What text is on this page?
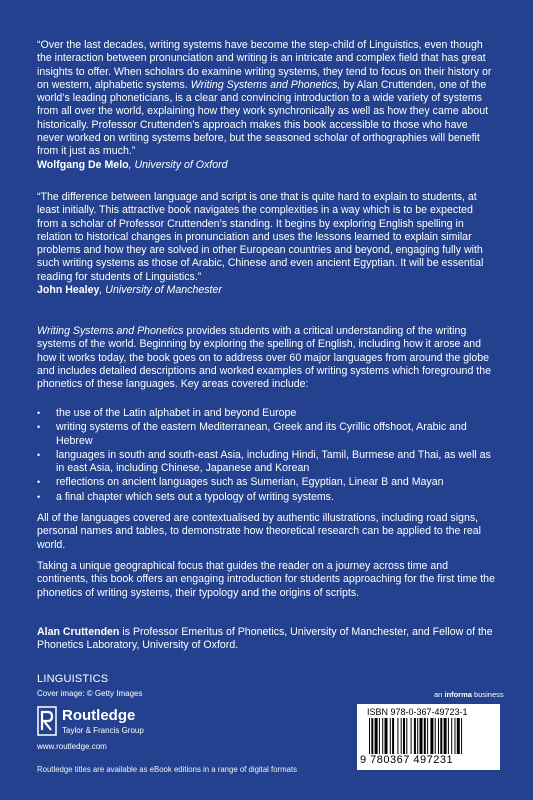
“Over the last decades, writing systems have become the step-child of Linguistics, even though the interaction between pronunciation and writing is an intricate and complex field that has great insights to offer. When scholars do examine writing systems, they tend to focus on their history or on western, alphabetic systems. Writing Systems and Phonetics, by Alan Cruttenden, one of the world’s leading phoneticians, is a clear and convincing introduction to a wide variety of systems from all over the world, explaining how they work synchronically as well as how they came about historically. Professor Cruttenden’s approach makes this book accessible to those who have never worked on writing systems before, but the seasoned scholar of orthographies will benefit from it just as much.”
Wolfgang De Melo, University of Oxford

“The difference between language and script is one that is quite hard to explain to students, at least initially. This attractive book navigates the complexities in a way which is to be expected from a scholar of Professor Cruttenden’s standing. It begins by exploring English spelling in relation to historical changes in pronunciation and uses the lessons learned to explain similar problems and how they are solved in other European countries and beyond, engaging fully with such writing systems as those of Arabic, Chinese and even ancient Egyptian. It will be essential reading for students of Linguistics.”
John Healey, University of Manchester

Writing Systems and Phonetics provides students with a critical understanding of the writing systems of the world. Beginning by exploring the spelling of English, including how it arose and how it works today, the book goes on to address over 60 major languages from around the globe and includes detailed descriptions and worked examples of writing systems which foreground the phonetics of these languages. Key areas covered include:

• the use of the Latin alphabet in and beyond Europe
• writing systems of the eastern Mediterranean, Greek and its Cyrillic offshoot, Arabic and Hebrew
• languages in south and south-east Asia, including Hindi, Tamil, Burmese and Thai, as well as in east Asia, including Chinese, Japanese and Korean
• reflections on ancient languages such as Sumerian, Egyptian, Linear B and Mayan
• a final chapter which sets out a typology of writing systems.

All of the languages covered are contextualised by authentic illustrations, including road signs, personal names and tables, to demonstrate how theoretical research can be applied to the real world.

Taking a unique geographical focus that guides the reader on a journey across time and continents, this book offers an engaging introduction for students approaching for the first time the phonetics of writing systems, their typology and the origins of scripts.

Alan Cruttenden is Professor Emeritus of Phonetics, University of Manchester, and Fellow of the Phonetics Laboratory, University of Oxford.

LINGUISTICS
Cover image: © Getty Images
Routledge
Taylor & Francis Group
www.routledge.com
an informa business
ISBN 978-0-367-49723-1
9 780367 497231
Routledge titles are available as eBook editions in a range of digital formats
